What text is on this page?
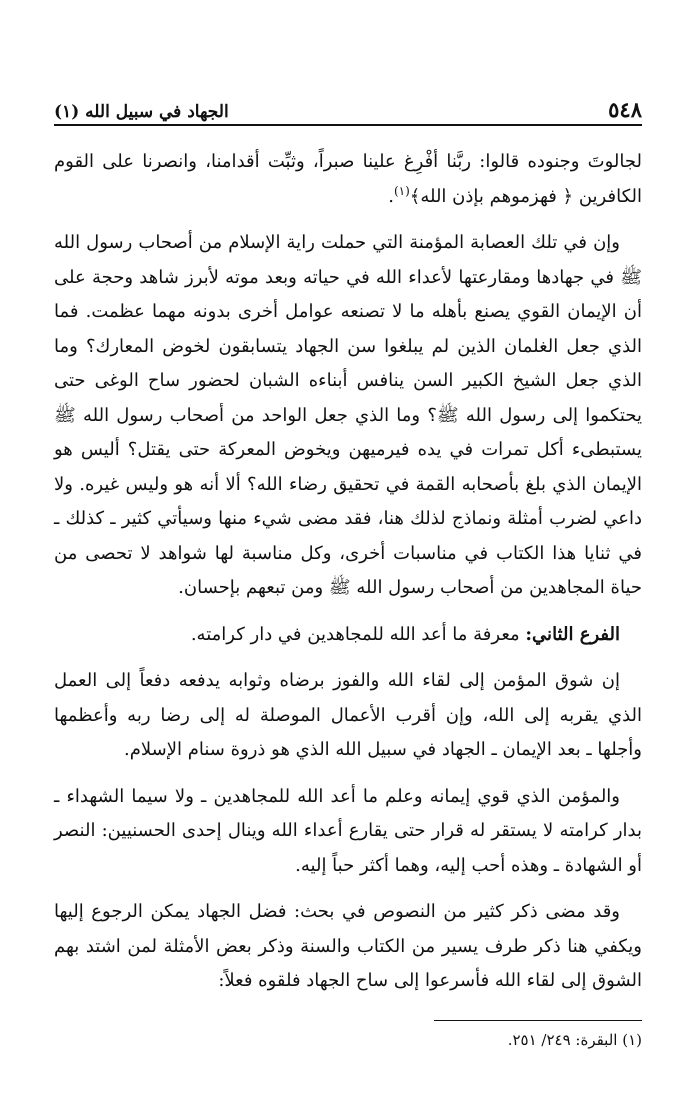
٥٤٨
الجهاد في سبيل الله (١)

لجالوتَ وجنوده قالوا: ربَّنا أفْرِغ علينا صبراً، وثبِّت أقدامنا، وانصرنا على القوم الكافرين ﴿ فهزموهم بإذن الله﴾$^{(١)}$.

وإن في تلك العصابة المؤمنة التي حملت راية الإسلام من أصحاب رسول الله ﷺ في جهادها ومقارعتها لأعداء الله في حياته وبعد موته لأبرز شاهد وحجة على أن الإيمان القوي يصنع بأهله ما لا تصنعه عوامل أخرى بدونه مهما عظمت. فما الذي جعل الغلمان الذين لم يبلغوا سن الجهاد يتسابقون لخوض المعارك؟ وما الذي جعل الشيخ الكبير السن ينافس أبناءه الشبان لحضور ساح الوغى حتى يحتكموا إلى رسول الله ﷺ؟ وما الذي جعل الواحد من أصحاب رسول الله ﷺ يستبطىء أكل تمرات في يده فيرميهن ويخوض المعركة حتى يقتل؟ أليس هو الإيمان الذي بلغ بأصحابه القمة في تحقيق رضاء الله؟ ألا أنه هو وليس غيره. ولا داعي لضرب أمثلة ونماذج لذلك هنا، فقد مضى شيء منها وسيأتي كثير ـ كذلك ـ في ثنايا هذا الكتاب في مناسبات أخرى، وكل مناسبة لها شواهد لا تحصى من حياة المجاهدين من أصحاب رسول الله ﷺ ومن تبعهم بإحسان.

الفرع الثاني: معرفة ما أعد الله للمجاهدين في دار كرامته.

إن شوق المؤمن إلى لقاء الله والفوز برضاه وثوابه يدفعه دفعاً إلى العمل الذي يقربه إلى الله، وإن أقرب الأعمال الموصلة له إلى رضا ربه وأعظمها وأجلها ـ بعد الإيمان ـ الجهاد في سبيل الله الذي هو ذروة سنام الإسلام.

والمؤمن الذي قوي إيمانه وعلم ما أعد الله للمجاهدين ـ ولا سيما الشهداء ـ بدار كرامته لا يستقر له قرار حتى يقارع أعداء الله وينال إحدى الحسنيين: النصر أو الشهادة ـ وهذه أحب إليه، وهما أكثر حباً إليه.

وقد مضى ذكر كثير من النصوص في بحث: فضل الجهاد يمكن الرجوع إليها ويكفي هنا ذكر طرف يسير من الكتاب والسنة وذكر بعض الأمثلة لمن اشتد بهم الشوق إلى لقاء الله فأسرعوا إلى ساح الجهاد فلقوه فعلاً:

(١) البقرة: ٢٤٩/ ٢٥١.
